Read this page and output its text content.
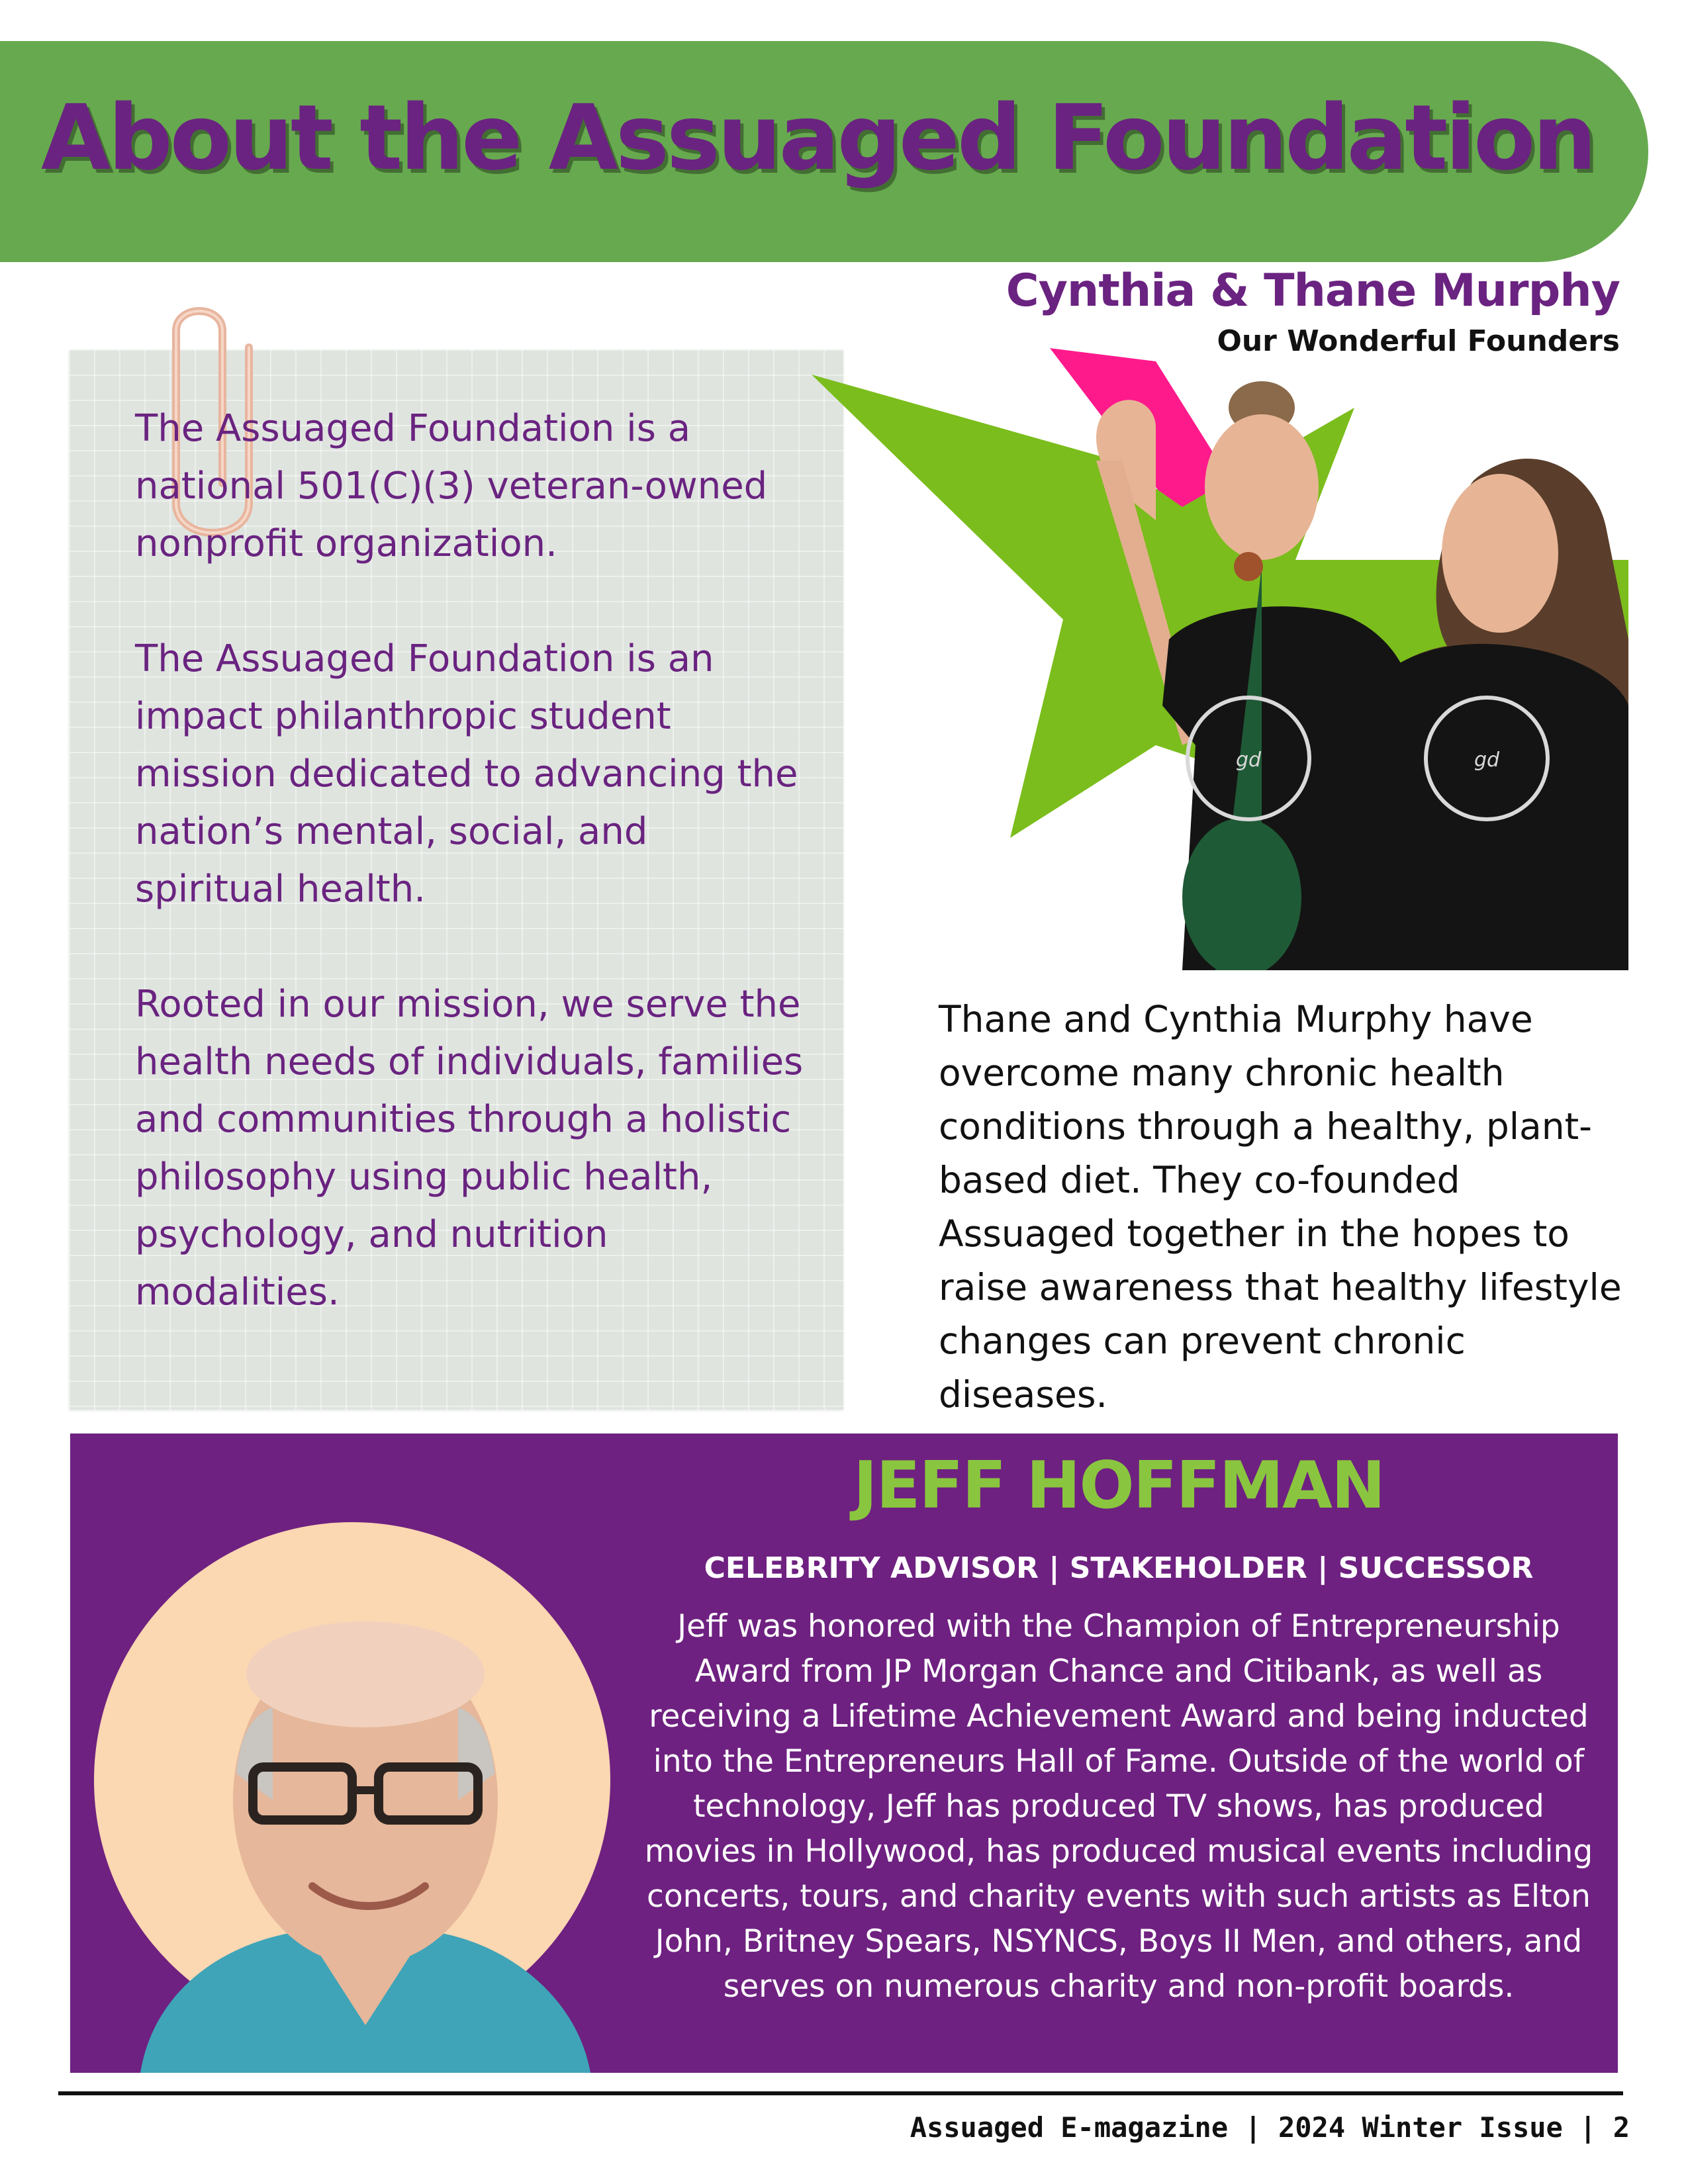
About the Assuaged Foundation
Cynthia & Thane Murphy
Our Wonderful Founders

The Assuaged Foundation is a national 501(C)(3) veteran-owned nonprofit organization.

The Assuaged Foundation is an impact philanthropic student mission dedicated to advancing the nation’s mental, social, and spiritual health.

Rooted in our mission, we serve the health needs of individuals, families and communities through a holistic philosophy using public health, psychology, and nutrition modalities.

gd	gd
Thane and Cynthia Murphy have overcome many chronic health conditions through a healthy, plant-based diet. They co-founded Assuaged together in the hopes to raise awareness that healthy lifestyle changes can prevent chronic diseases.
JEFF HOFFMAN
CELEBRITY ADVISOR | STAKEHOLDER | SUCCESSOR
Jeff was honored with the Champion of Entrepreneurship Award from JP Morgan Chance and Citibank, as well as receiving a Lifetime Achievement Award and being inducted into the Entrepreneurs Hall of Fame. Outside of the world of technology, Jeff has produced TV shows, has produced movies in Hollywood, has produced musical events including concerts, tours, and charity events with such artists as Elton John, Britney Spears, NSYNCS, Boys II Men, and others, and serves on numerous charity and non-profit boards.
Assuaged E-magazine | 2024 Winter Issue | 2
